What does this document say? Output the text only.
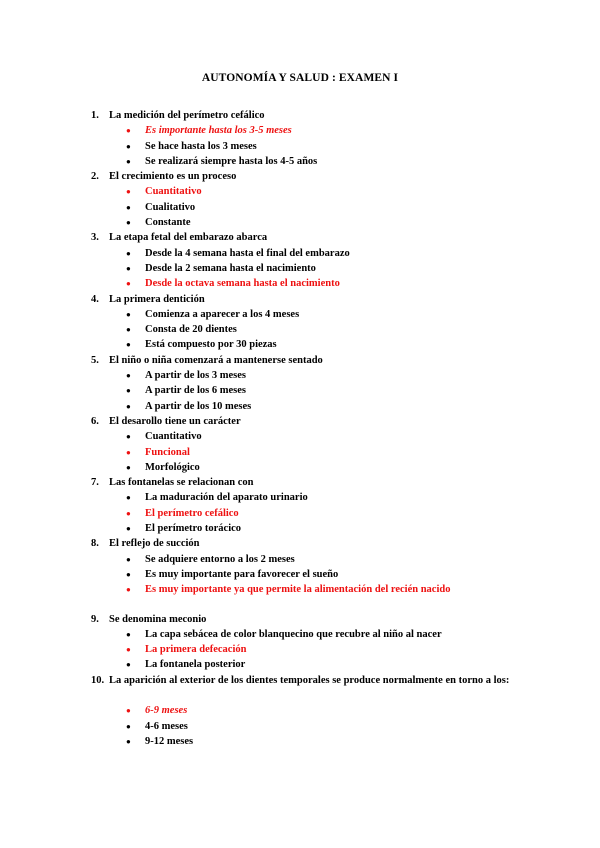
AUTONOMÍA Y SALUD : EXAMEN I
1. La medición del perímetro cefálico
●	Es importante hasta los 3-5 meses
●	Se hace hasta los 3 meses
●	Se realizará siempre hasta los 4-5 años
2. El crecimiento es un proceso
●	Cuantitativo
●	Cualitativo
●	Constante
3. La etapa fetal del embarazo abarca
●	Desde la 4 semana hasta el final del embarazo
●	Desde la 2 semana hasta el nacimiento
●	Desde la octava semana hasta el nacimiento
4. La primera dentición
●	Comienza a aparecer a los 4 meses
●	Consta de 20 dientes
●	Está compuesto por 30 piezas
5. El niño o niña comenzará a mantenerse sentado
●	A partir de los 3 meses
●	A partir de los 6 meses
●	A partir de los 10 meses
6. El desarollo tiene un carácter
●	Cuantitativo
●	Funcional
●	Morfológico
7. Las fontanelas se relacionan con
●	La maduración del aparato urinario
●	El perímetro cefálico
●	El perímetro torácico
8. El reflejo de succión
●	Se adquiere entorno a los 2 meses
●	Es muy importante para favorecer el sueño
●	Es muy importante ya que permite la alimentación del recién nacido
9. Se denomina meconio
●	La capa sebácea de color blanquecino que recubre al niño al nacer
●	La primera defecación
●	La fontanela posterior
10. La aparición al exterior de los dientes temporales se produce normalmente en torno a los:
●	6-9 meses
●	4-6 meses
●	9-12 meses
